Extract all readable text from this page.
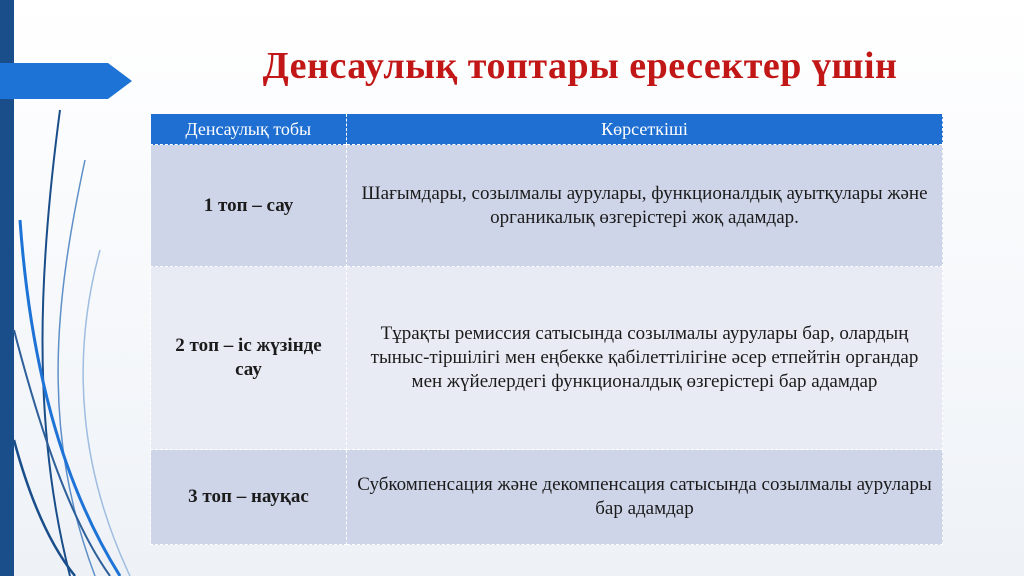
Денсаулық топтары ересектер үшін
Денсаулық тобы	Көрсеткіші
1 топ – сау	Шағымдары, созылмалы аурулары, функционалдық ауытқулары және органикалық өзгерістері жоқ адамдар.
2 топ – іс жүзінде сау	Тұрақты ремиссия сатысында созылмалы аурулары бар, олардың тыныс-тіршілігі мен еңбекке қабілеттілігіне әсер етпейтін органдар мен жүйелердегі функционалдық өзгерістері бар адамдар
3 топ – науқас	Субкомпенсация және декомпенсация сатысында созылмалы аурулары бар адамдар
